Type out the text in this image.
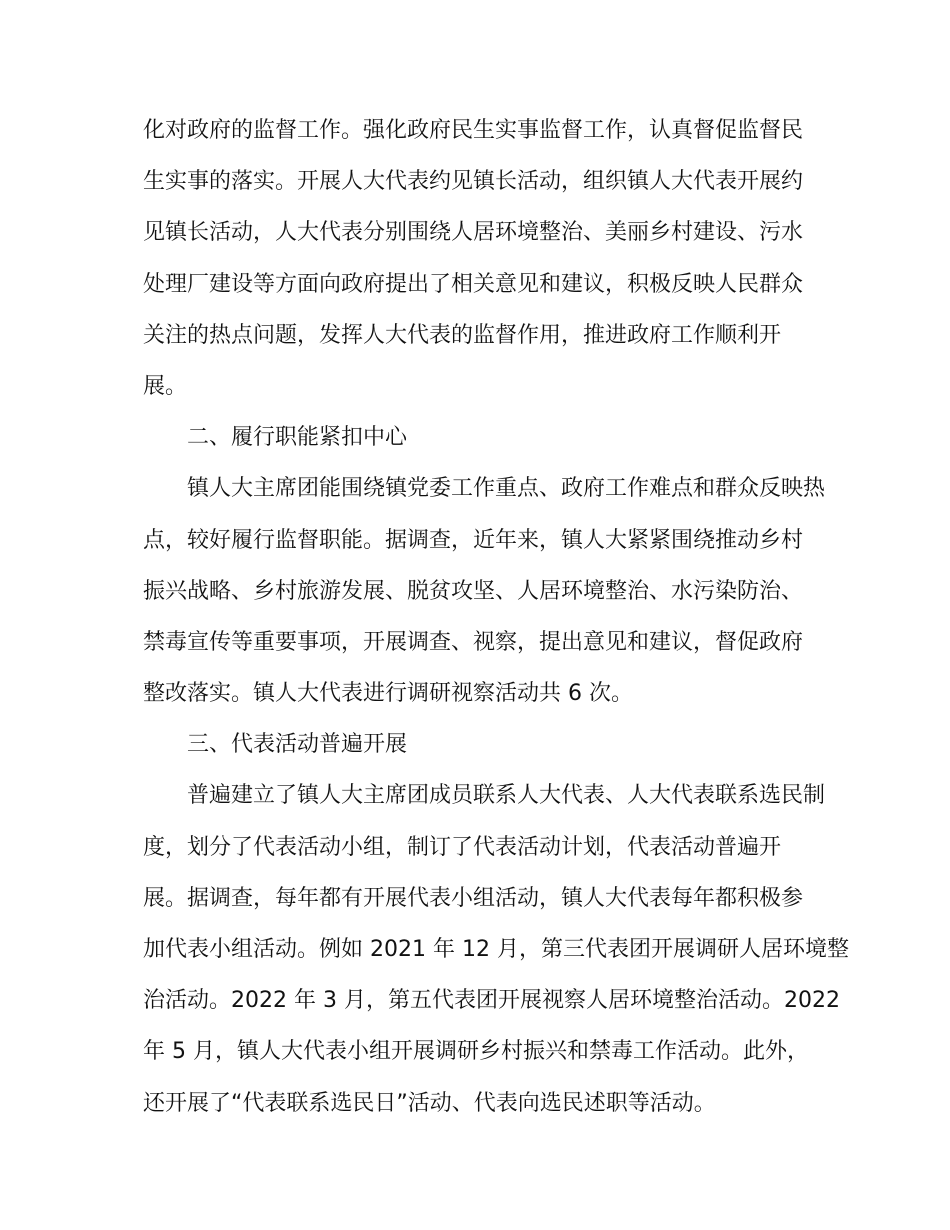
化对政府的监督工作。强化政府民生实事监督工作，认真督促监督民
生实事的落实。开展人大代表约见镇长活动，组织镇人大代表开展约
见镇长活动，人大代表分别围绕人居环境整治、美丽乡村建设、污水
处理厂建设等方面向政府提出了相关意见和建议，积极反映人民群众
关注的热点问题，发挥人大代表的监督作用，推进政府工作顺利开
展。
二、履行职能紧扣中心
镇人大主席团能围绕镇党委工作重点、政府工作难点和群众反映热
点，较好履行监督职能。据调查，近年来，镇人大紧紧围绕推动乡村
振兴战略、乡村旅游发展、脱贫攻坚、人居环境整治、水污染防治、
禁毒宣传等重要事项，开展调查、视察，提出意见和建议，督促政府
整改落实。镇人大代表进行调研视察活动共 6 次。
三、代表活动普遍开展
普遍建立了镇人大主席团成员联系人大代表、人大代表联系选民制
度，划分了代表活动小组，制订了代表活动计划，代表活动普遍开
展。据调查，每年都有开展代表小组活动，镇人大代表每年都积极参
加代表小组活动。例如 2021 年 12 月，第三代表团开展调研人居环境整
治活动。2022 年 3 月，第五代表团开展视察人居环境整治活动。2022
年 5 月，镇人大代表小组开展调研乡村振兴和禁毒工作活动。此外，
还开展了“代表联系选民日”活动、代表向选民述职等活动。
